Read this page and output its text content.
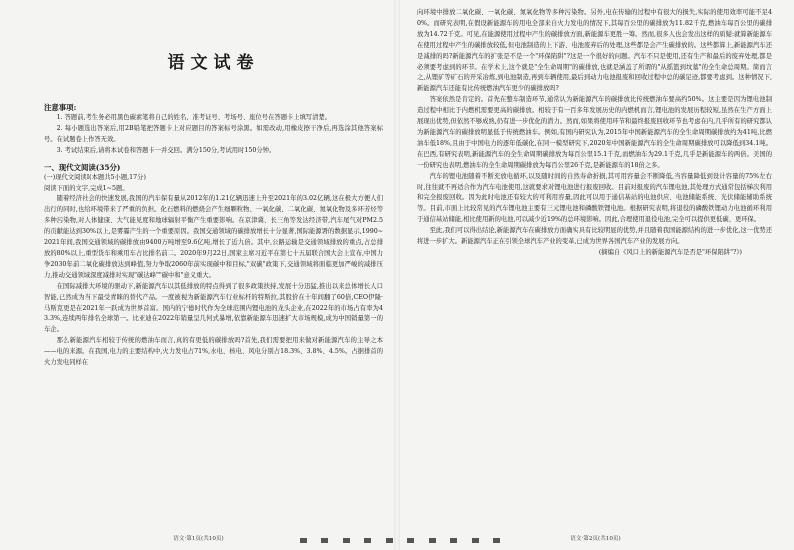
语文试卷
注意事项:
1. 答题前,考生务必用黑色碳素笔将自己的姓名、准考证号、考场号、座位号在答题卡上填写清楚。
2. 每小题选出答案后,用2B铅笔把答题卡上对应题目的答案标号涂黑。如需改动,用橡皮擦干净后,再选涂其他答案标号。在试题卷上作答无效。
3. 考试结束后,请将本试卷和答题卡一并交回。满分150分,考试用时150分钟。
一、现代文阅读(35分)
(一)现代文阅读Ⅰ(本题共5小题,17分)
阅读下面的文字,完成1~5题。
随着经济社会的快速发展,我国的汽车保有量从2012年的1.21亿辆迅速上升至2021年的3.02亿辆,这在极大方便人们出行的同时,也给环境带来了严重的负担。化石燃料的燃烧会产生细颗粒物、一氧化碳、二氧化碳、氮氧化物及多环芳烃等多种污染物,对人体健康、大气能见度和地球辐射平衡产生重要影响。在京津冀、长三角等发达经济带,汽车尾气对PM2.5的贡献能达到30%以上,是雾霾产生的一个重要原因。我国交通领域的碳排放增长十分显著,国际能源署的数据显示,1990~2021年间,我国交通领域的碳排放由9400万吨增至9.6亿吨,增长了近九倍。其中,公路运输是交通领域排放的重点,占总排放的80%以上,重型货车和乘用车占比排名前二。2020年9月22日,国家主席习近平在第七十五届联合国大会上宣布,中国力争2030年前二氧化碳排放达到峰值,努力争取2060年前实现碳中和目标,"双碳"政策下,交通领域将面临更加严峻的减排压力,推动交通领域深度减排对实现"碳达峰""碳中和"意义重大。
在国际减排大环境的驱动下,新能源汽车以其低排放的特点得到了很多政策扶持,发展十分迅猛,推出以来总体增长人口智能,已然成为当下最受青睐的替代产品。一度被视为新能源汽车行业标杆的特斯拉,其股价在十年间翻了60倍,CEO伊隆·马斯克更是在2021年一跃成为世界首富。国内的宁德时代作为全球范围内锂电池的龙头企业,在2022年的市场占有率为43.3%,连续两年排名全球第一。比亚迪在2022年销量呈几何式暴增,依靠新能源车迅速扩大市场规模,成为中国销量第一的车企。
那么新能源汽车相较于传统的燃油车而言,真的有更低的碳排放吗?首先,我们需要把用来做对新能源汽车的主导之本——电的来源。在我国,电力的主要结构中,火力发电占71%,水电、核电、风电分别占18.3%、3.8%、4.5%。占据排首的火力发电同样在
语文·第1页(共10页)
向环境中排放二氧化碳、一氧化碳、氮氧化物等多种污染物。另外,电在传输的过程中有很大的损失,实际的使用效率可能不足40%。而研究表明,在假设新能源车的用电全部来自火力发电的情况下,其每百公里的碳排放为11.82千克,燃油车每百公里的碳排放为14.72千克。可见,在能源使用过程中产生的碳排放方面,新能源车更胜一筹。然而,很多人也会发出这样的质疑:就算新能源车在使用过程中产生的碳排放较低,但电池制造的上下游、电池废弃后的处理,这些都是会产生碳排放的。这些都算上,新能源汽车还是减排的吗?新能源汽车的扩张是不是一个"环保陷阱"?这是一个很好的问题。汽车不只是使用,还有生产和最后的废弃处理,都是必须要考虑到的环节。在学术上,这个就是"全生命周期"的碳排放,也就是涵盖了所谓的"从摇篮到坟墓"的全生命总周期。简而言之,从锂矿等矿石的开采冶炼,到电池制造,再到车辆使用,最后到动力电池报废和回收过程中总的碳足迹,都要考虑到。这种情况下,新能源汽车还能有比传统燃油汽车更少的碳排放吗?
答案依然是肯定的。首先在整车制造环节,通常认为新能源汽车的碳排放比传统燃油车要高约50%。这主要是因为锂电池制造过程中相比于内燃机需要更高的碳排放。相较于有一百多年发展历史的内燃机而言,锂电池的发展历程较短,虽然在生产方面上展现出优势,但依然不够成熟,仍有进一步优化的潜力。然而,如果将使用环节和最终报废回收环节也考虑在内,几乎所有的研究都认为新能源汽车的碳排放明显低于传统燃油车。例如,有国内研究认为,2015年中国新能源汽车的全生命周期碳排放约为41吨,比燃油车低18%,且由于中国电力的逐年低碳化,在同一模型研究下,2020年中国新能源汽车的全生命周期碳排放可以降低到34.1吨。在巴西,有研究表明,新能源汽车的全生命周期碳排放为每百公里15.1千克,而燃油车为29.1千克,几乎是新能源车的两倍。美国的一份研究也表明,燃油车的全生命周期碳排放为每百公里26千克,是新能源车的18倍之多。
汽车的锂电池随着不断充放电循环,以及随时间的自然寿命折损,其可用容量会不断降低,当容量降低到设计容量的75%左右时,往往就不再适合作为汽车电池使用,这就要求对锂电池进行报废回收。目前对报废的汽车锂电池,其处理方式通常包括梯次利用和完全报废回收。因为此时电池还有较大的可利用容量,因此可以用于通信基站的电池供应、电池储能系统、光伏储能辅助系统等。目前,市面上比较常见的汽车锂电池主要有三元锂电池和磷酸铁锂电池。根据研究表明,将退役的磷酸铁锂动力电池循环利用于通信基站储能,相比使用新的电池,可以减少近19%的总环境影响。因此,合理使用退役电池,完全可以提供更低碳、更环保。
至此,我们可以得出结论,新能源汽车在碳排放方面确实具有比较明显的优势,并且随着我国能源结构的进一步优化,这一优势还将进一步扩大。新能源汽车正在引领全球汽车产业的变革,已成为世界各国汽车产业的发展方向。
(摘编自《风口上的新能源汽车是否是"环保陷阱"?》)
语文·第2页(共10页)
